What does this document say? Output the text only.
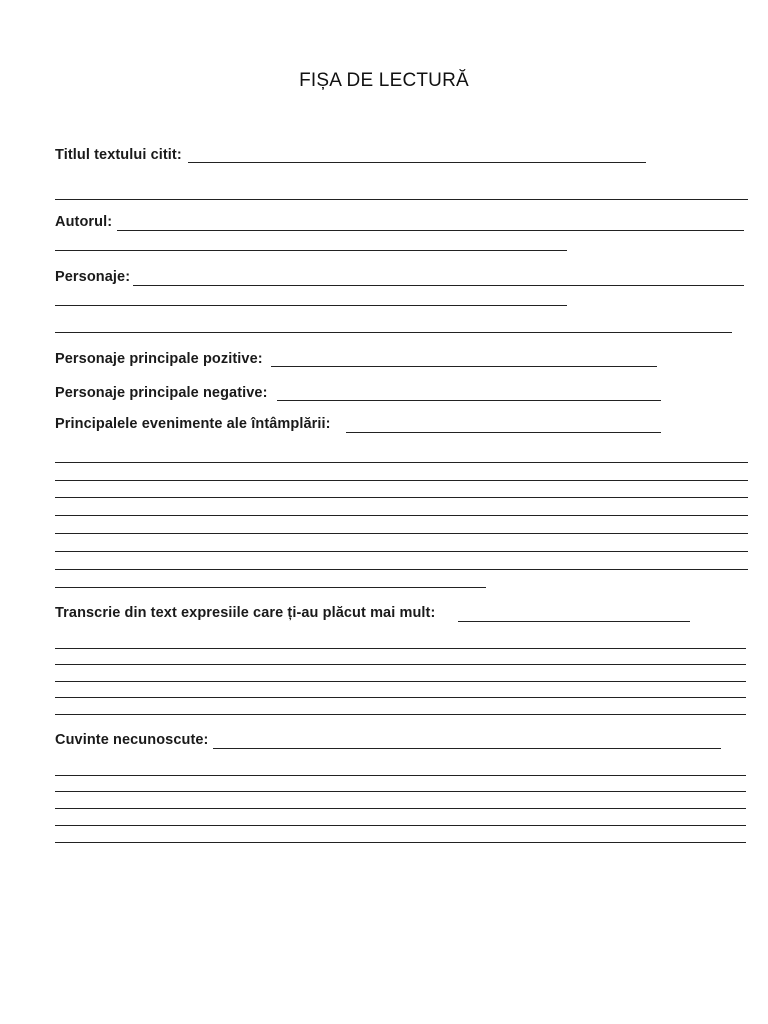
FIȘA DE LECTURĂ
Titlul textului citit:
Autorul:
Personaje:
Personaje principale pozitive:
Personaje principale negative:
Principalele evenimente ale întâmplării:
Transcrie din text expresiile care ți-au plăcut mai mult:
Cuvinte necunoscute:
